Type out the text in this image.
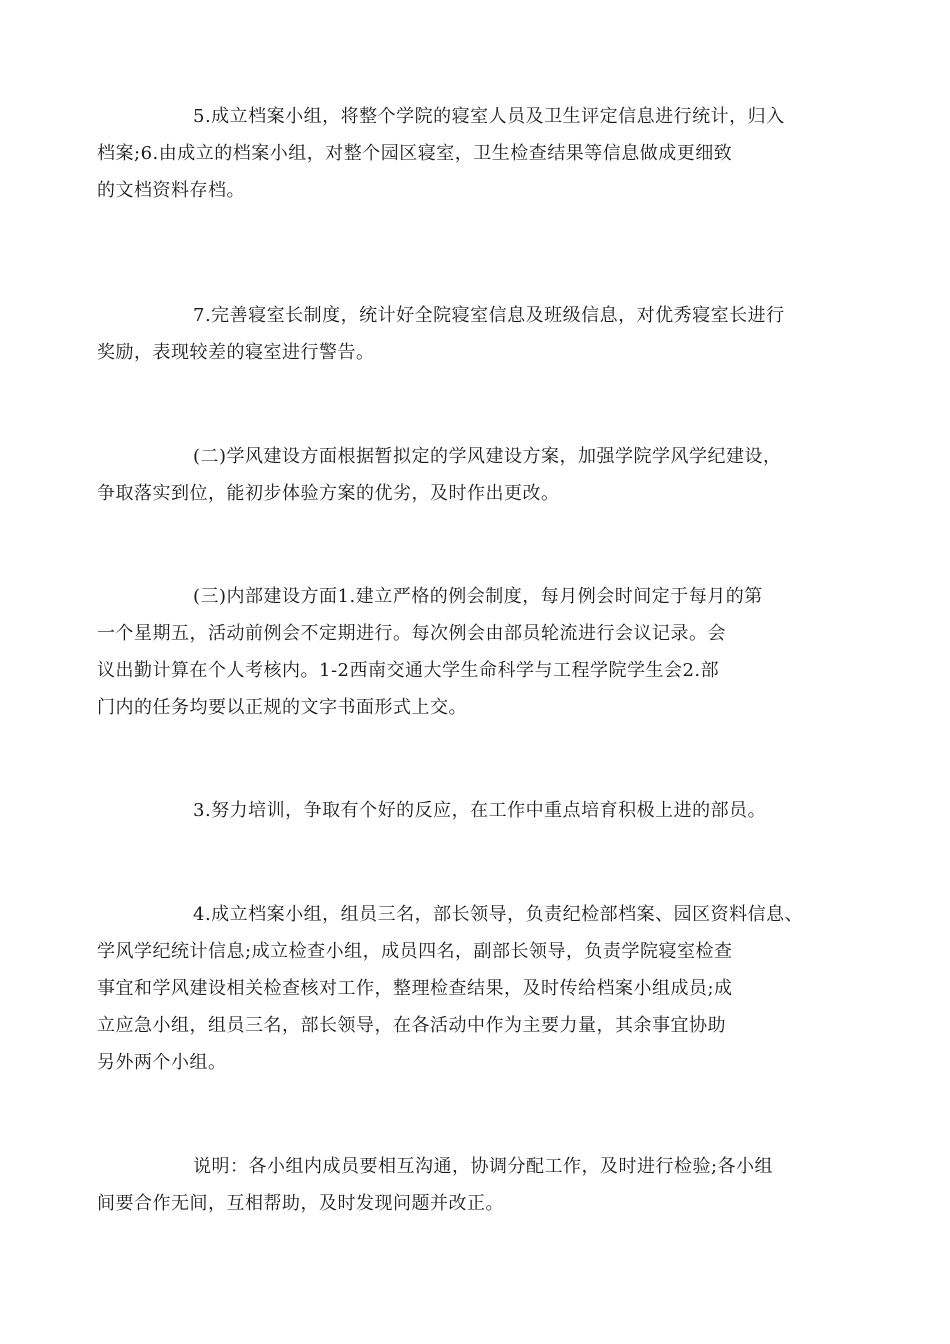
5.成立档案小组，将整个学院的寝室人员及卫生评定信息进行统计，归入
档案;6.由成立的档案小组，对整个园区寝室，卫生检查结果等信息做成更细致
的文档资料存档。

7.完善寝室长制度，统计好全院寝室信息及班级信息，对优秀寝室长进行
奖励，表现较差的寝室进行警告。

(二)学风建设方面根据暂拟定的学风建设方案，加强学院学风学纪建设，
争取落实到位，能初步体验方案的优劣，及时作出更改。

(三)内部建设方面1.建立严格的例会制度，每月例会时间定于每月的第
一个星期五，活动前例会不定期进行。每次例会由部员轮流进行会议记录。会
议出勤计算在个人考核内。1-2西南交通大学生命科学与工程学院学生会2.部
门内的任务均要以正规的文字书面形式上交。

3.努力培训，争取有个好的反应，在工作中重点培育积极上进的部员。

4.成立档案小组，组员三名，部长领导，负责纪检部档案、园区资料信息、
学风学纪统计信息;成立检查小组，成员四名，副部长领导，负责学院寝室检查
事宜和学风建设相关检查核对工作，整理检查结果，及时传给档案小组成员;成
立应急小组，组员三名，部长领导，在各活动中作为主要力量，其余事宜协助
另外两个小组。

说明：各小组内成员要相互沟通，协调分配工作，及时进行检验;各小组
间要合作无间，互相帮助，及时发现问题并改正。
